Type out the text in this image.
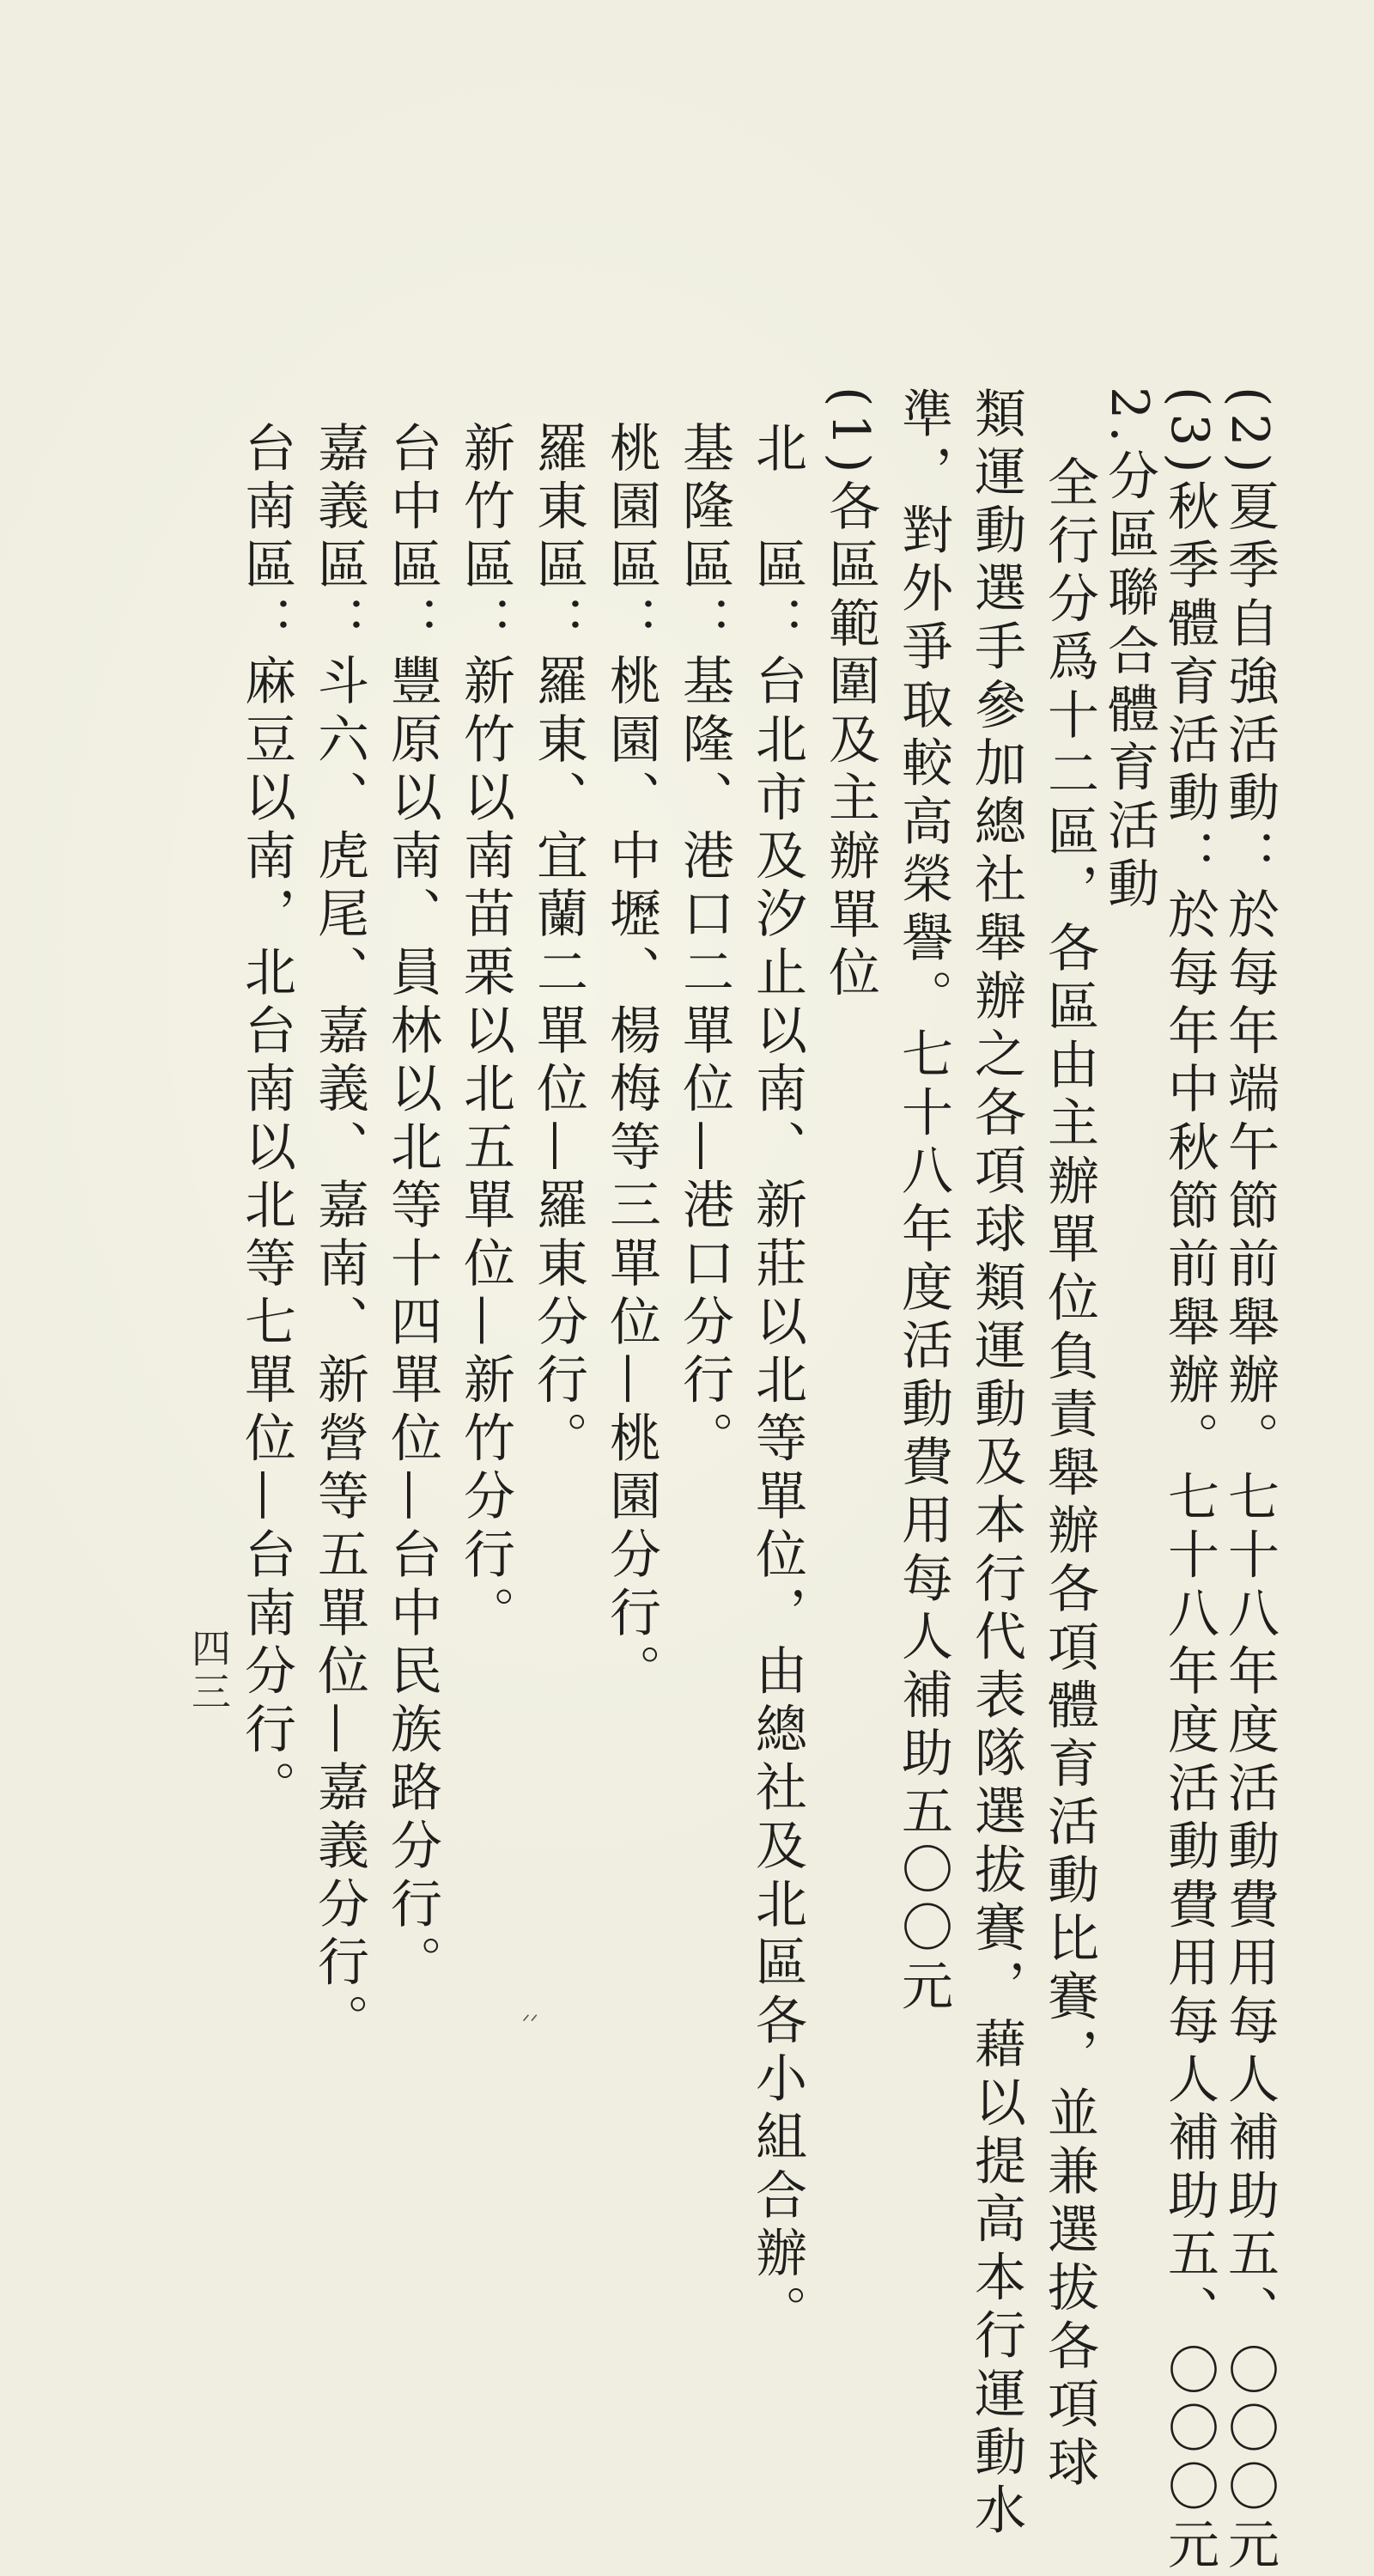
(2)夏季自強活動：於每年端午節前舉辦。七十八年度活動費用每人補助五、〇〇〇元
(3)秋季體育活動：於每年中秋節前舉辦。七十八年度活動費用每人補助五、〇〇〇元
2.分區聯合體育活動
全行分爲十二區，各區由主辦單位負責舉辦各項體育活動比賽，並兼選拔各項球
類運動選手參加總社舉辦之各項球類運動及本行代表隊選拔賽，藉以提高本行運動水
準，對外爭取較高榮譽。七十八年度活動費用每人補助五〇〇元
(1)各區範圍及主辦單位
北　區：台北市及汐止以南、新莊以北等單位，由總社及北區各小組合辦。
基隆區：基隆、港口二單位—港口分行。
桃園區：桃園、中壢、楊梅等三單位—桃園分行。
羅東區：羅東、宜蘭二單位—羅東分行。
新竹區：新竹以南苗栗以北五單位—新竹分行。
台中區：豐原以南、員林以北等十四單位—台中民族路分行。
嘉義區：斗六、虎尾、嘉義、嘉南、新營等五單位—嘉義分行。
台南區：麻豆以南，北台南以北等七單位—台南分行。
四三
ᐟᐟ
